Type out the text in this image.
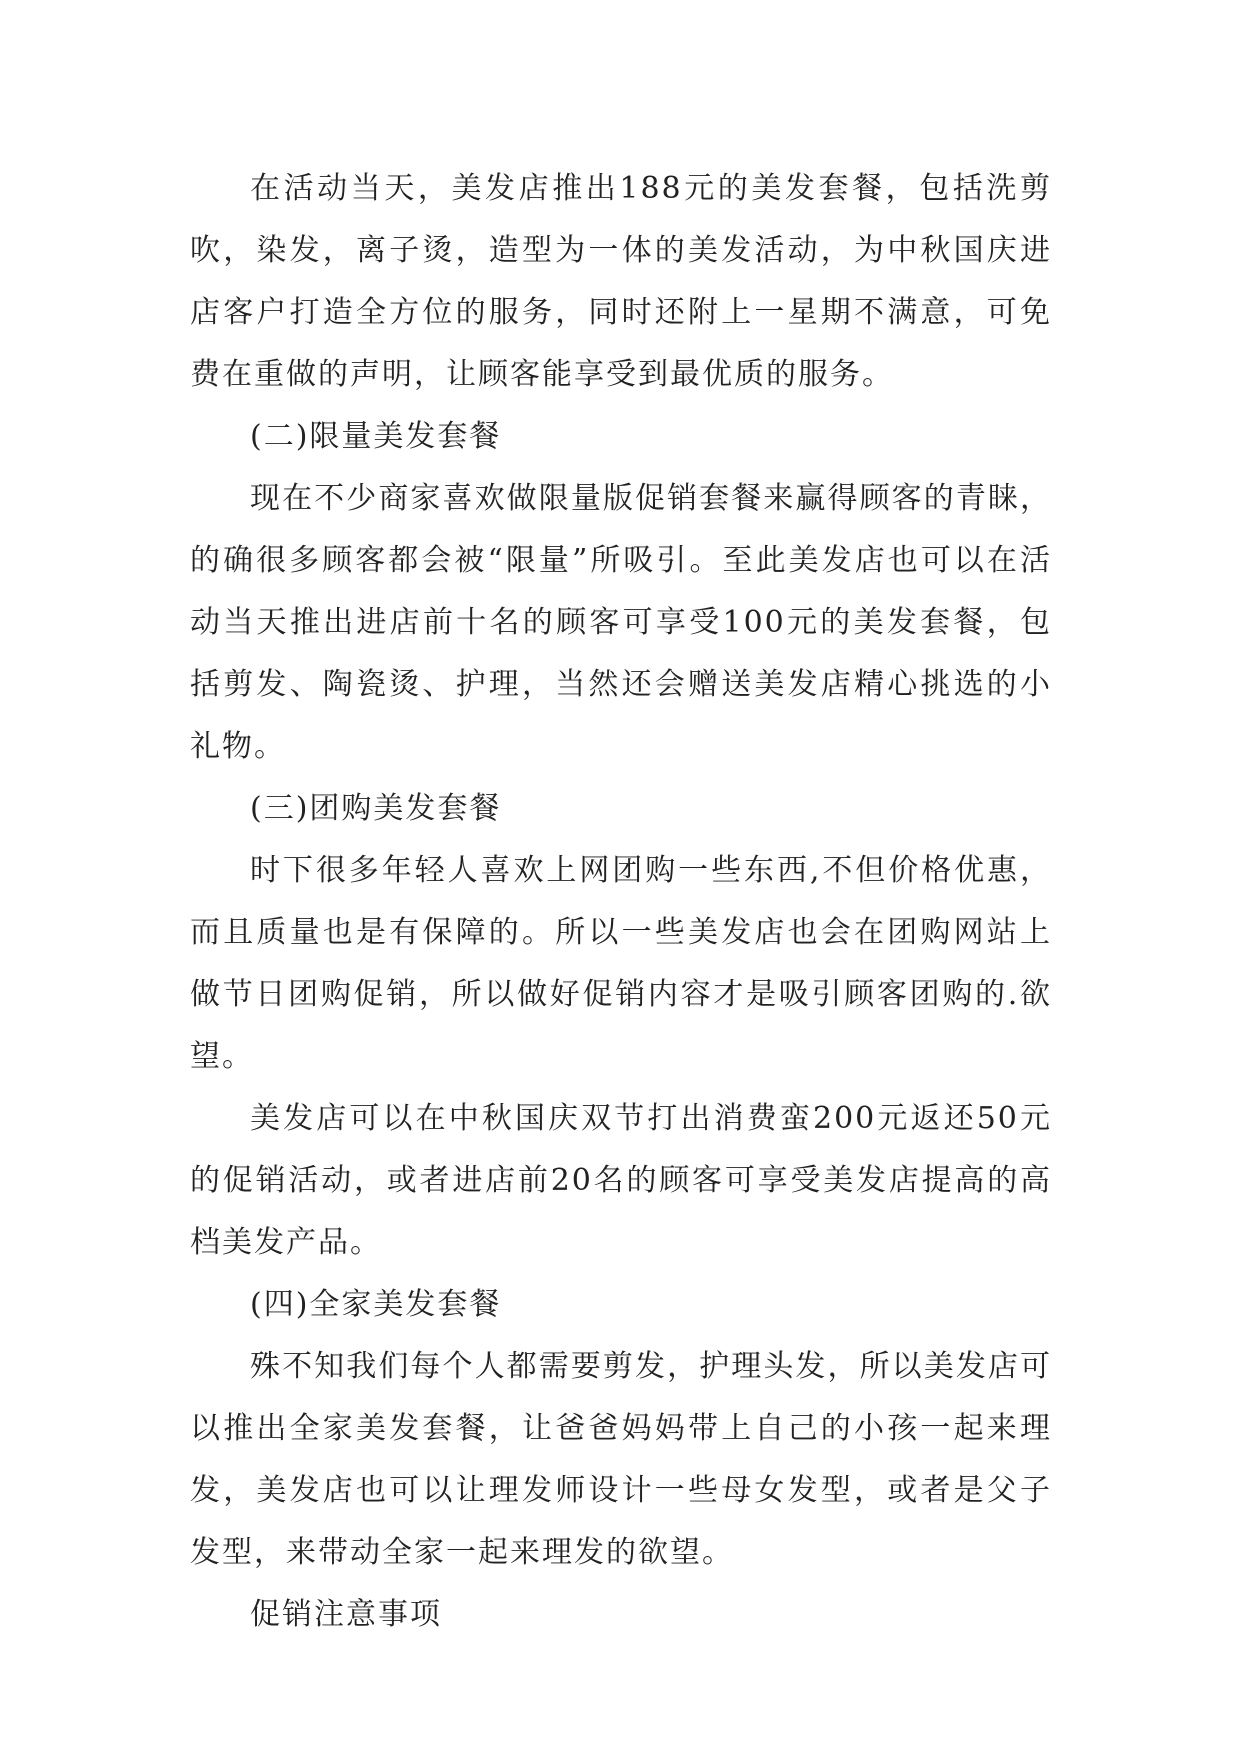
在活动当天，美发店推出188元的美发套餐，包括洗剪吹，染发，离子烫，造型为一体的美发活动，为中秋国庆进店客户打造全方位的服务，同时还附上一星期不满意，可免费在重做的声明，让顾客能享受到最优质的服务。

(二)限量美发套餐

现在不少商家喜欢做限量版促销套餐来赢得顾客的青睐，的确很多顾客都会被“限量”所吸引。至此美发店也可以在活动当天推出进店前十名的顾客可享受100元的美发套餐，包括剪发、陶瓷烫、护理，当然还会赠送美发店精心挑选的小礼物。

(三)团购美发套餐

时下很多年轻人喜欢上网团购一些东西,不但价格优惠，而且质量也是有保障的。所以一些美发店也会在团购网站上做节日团购促销，所以做好促销内容才是吸引顾客团购的.欲望。

美发店可以在中秋国庆双节打出消费蛮200元返还50元的促销活动，或者进店前20名的顾客可享受美发店提高的高档美发产品。

(四)全家美发套餐

殊不知我们每个人都需要剪发，护理头发，所以美发店可以推出全家美发套餐，让爸爸妈妈带上自己的小孩一起来理发，美发店也可以让理发师设计一些母女发型，或者是父子发型，来带动全家一起来理发的欲望。

促销注意事项
